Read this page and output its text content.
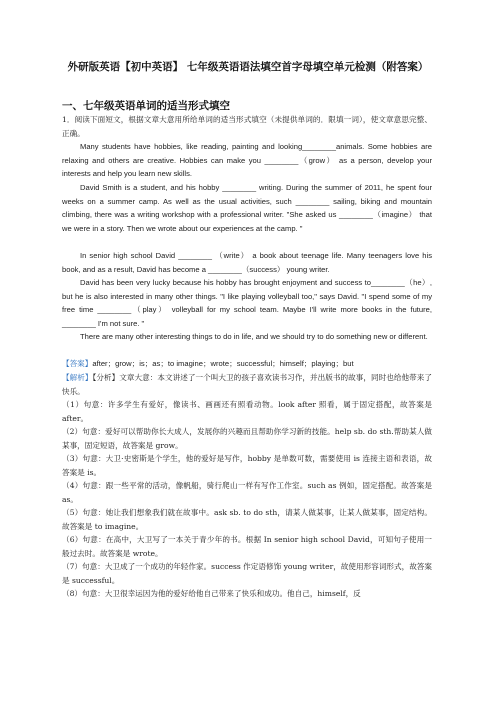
外研版英语【初中英语】 七年级英语语法填空首字母填空单元检测（附答案）
一、七年级英语单词的适当形式填空

1．阅读下面短文，根据文章大意用所给单词的适当形式填空（未提供单词的．限填一词），使文章意思完整、正确。

Many students have hobbies, like reading, painting and looking________animals. Some hobbies are relaxing and others are creative. Hobbies can make you ________（grow） as a person, develop your interests and help you learn new skills.

David Smith is a student, and his hobby ________ writing. During the summer of 2011, he spent four weeks on a summer camp. As well as the usual activities, such ________ sailing, biking and mountain climbing, there was a writing workshop with a professional writer. "She asked us ________（imagine） that we were in a story. Then we wrote about our experiences at the camp. "

In senior high school David ________ （write） a book about teenage life. Many teenagers love his book, and as a result, David has become a ________（success） young writer.

David has been very lucky because his hobby has brought enjoyment and success to________（he）, but he is also interested in many other things. "I like playing volleyball too," says David. "I spend some of my free time ________（play） volleyball for my school team. Maybe I'll write more books in the future, ________ I'm not sure. "

There are many other interesting things to do in life, and we should try to do something new or different.

【答案】after；grow；is；as；to imagine；wrote；successful；himself；playing；but

【解析】【分析】文章大意：本文讲述了一个叫大卫的孩子喜欢读书习作，并出版书的故事，同时也给他带来了快乐。

（1）句意：许多学生有爱好，像读书、画画还有照看动物。look after 照看，属于固定搭配，故答案是 after。

（2）句意：爱好可以帮助你长大成人，发展你的兴趣而且帮助你学习新的技能。help sb. do sth.帮助某人做某事，固定短语，故答案是 grow。

（3）句意：大卫·史密斯是个学生，他的爱好是写作，hobby 是单数可数，需要使用 is 连接主语和表语，故答案是 is。

（4）句意：跟一些平常的活动，像帆船，骑行爬山一样有写作工作室。such as 例如，固定搭配。故答案是 as。

（5）句意：她让我们想象我们就在故事中。ask sb. to do sth，请某人做某事，让某人做某事，固定结构。故答案是 to imagine。

（6）句意：在高中，大卫写了一本关于青少年的书。根据 In senior high school David，可知句子使用一般过去时。故答案是 wrote。

（7）句意：大卫成了一个成功的年轻作家。success 作定语修饰 young writer，故使用形容词形式，故答案是 successful。

（8）句意：大卫很幸运因为他的爱好给他自己带来了快乐和成功。他自己，himself，反
